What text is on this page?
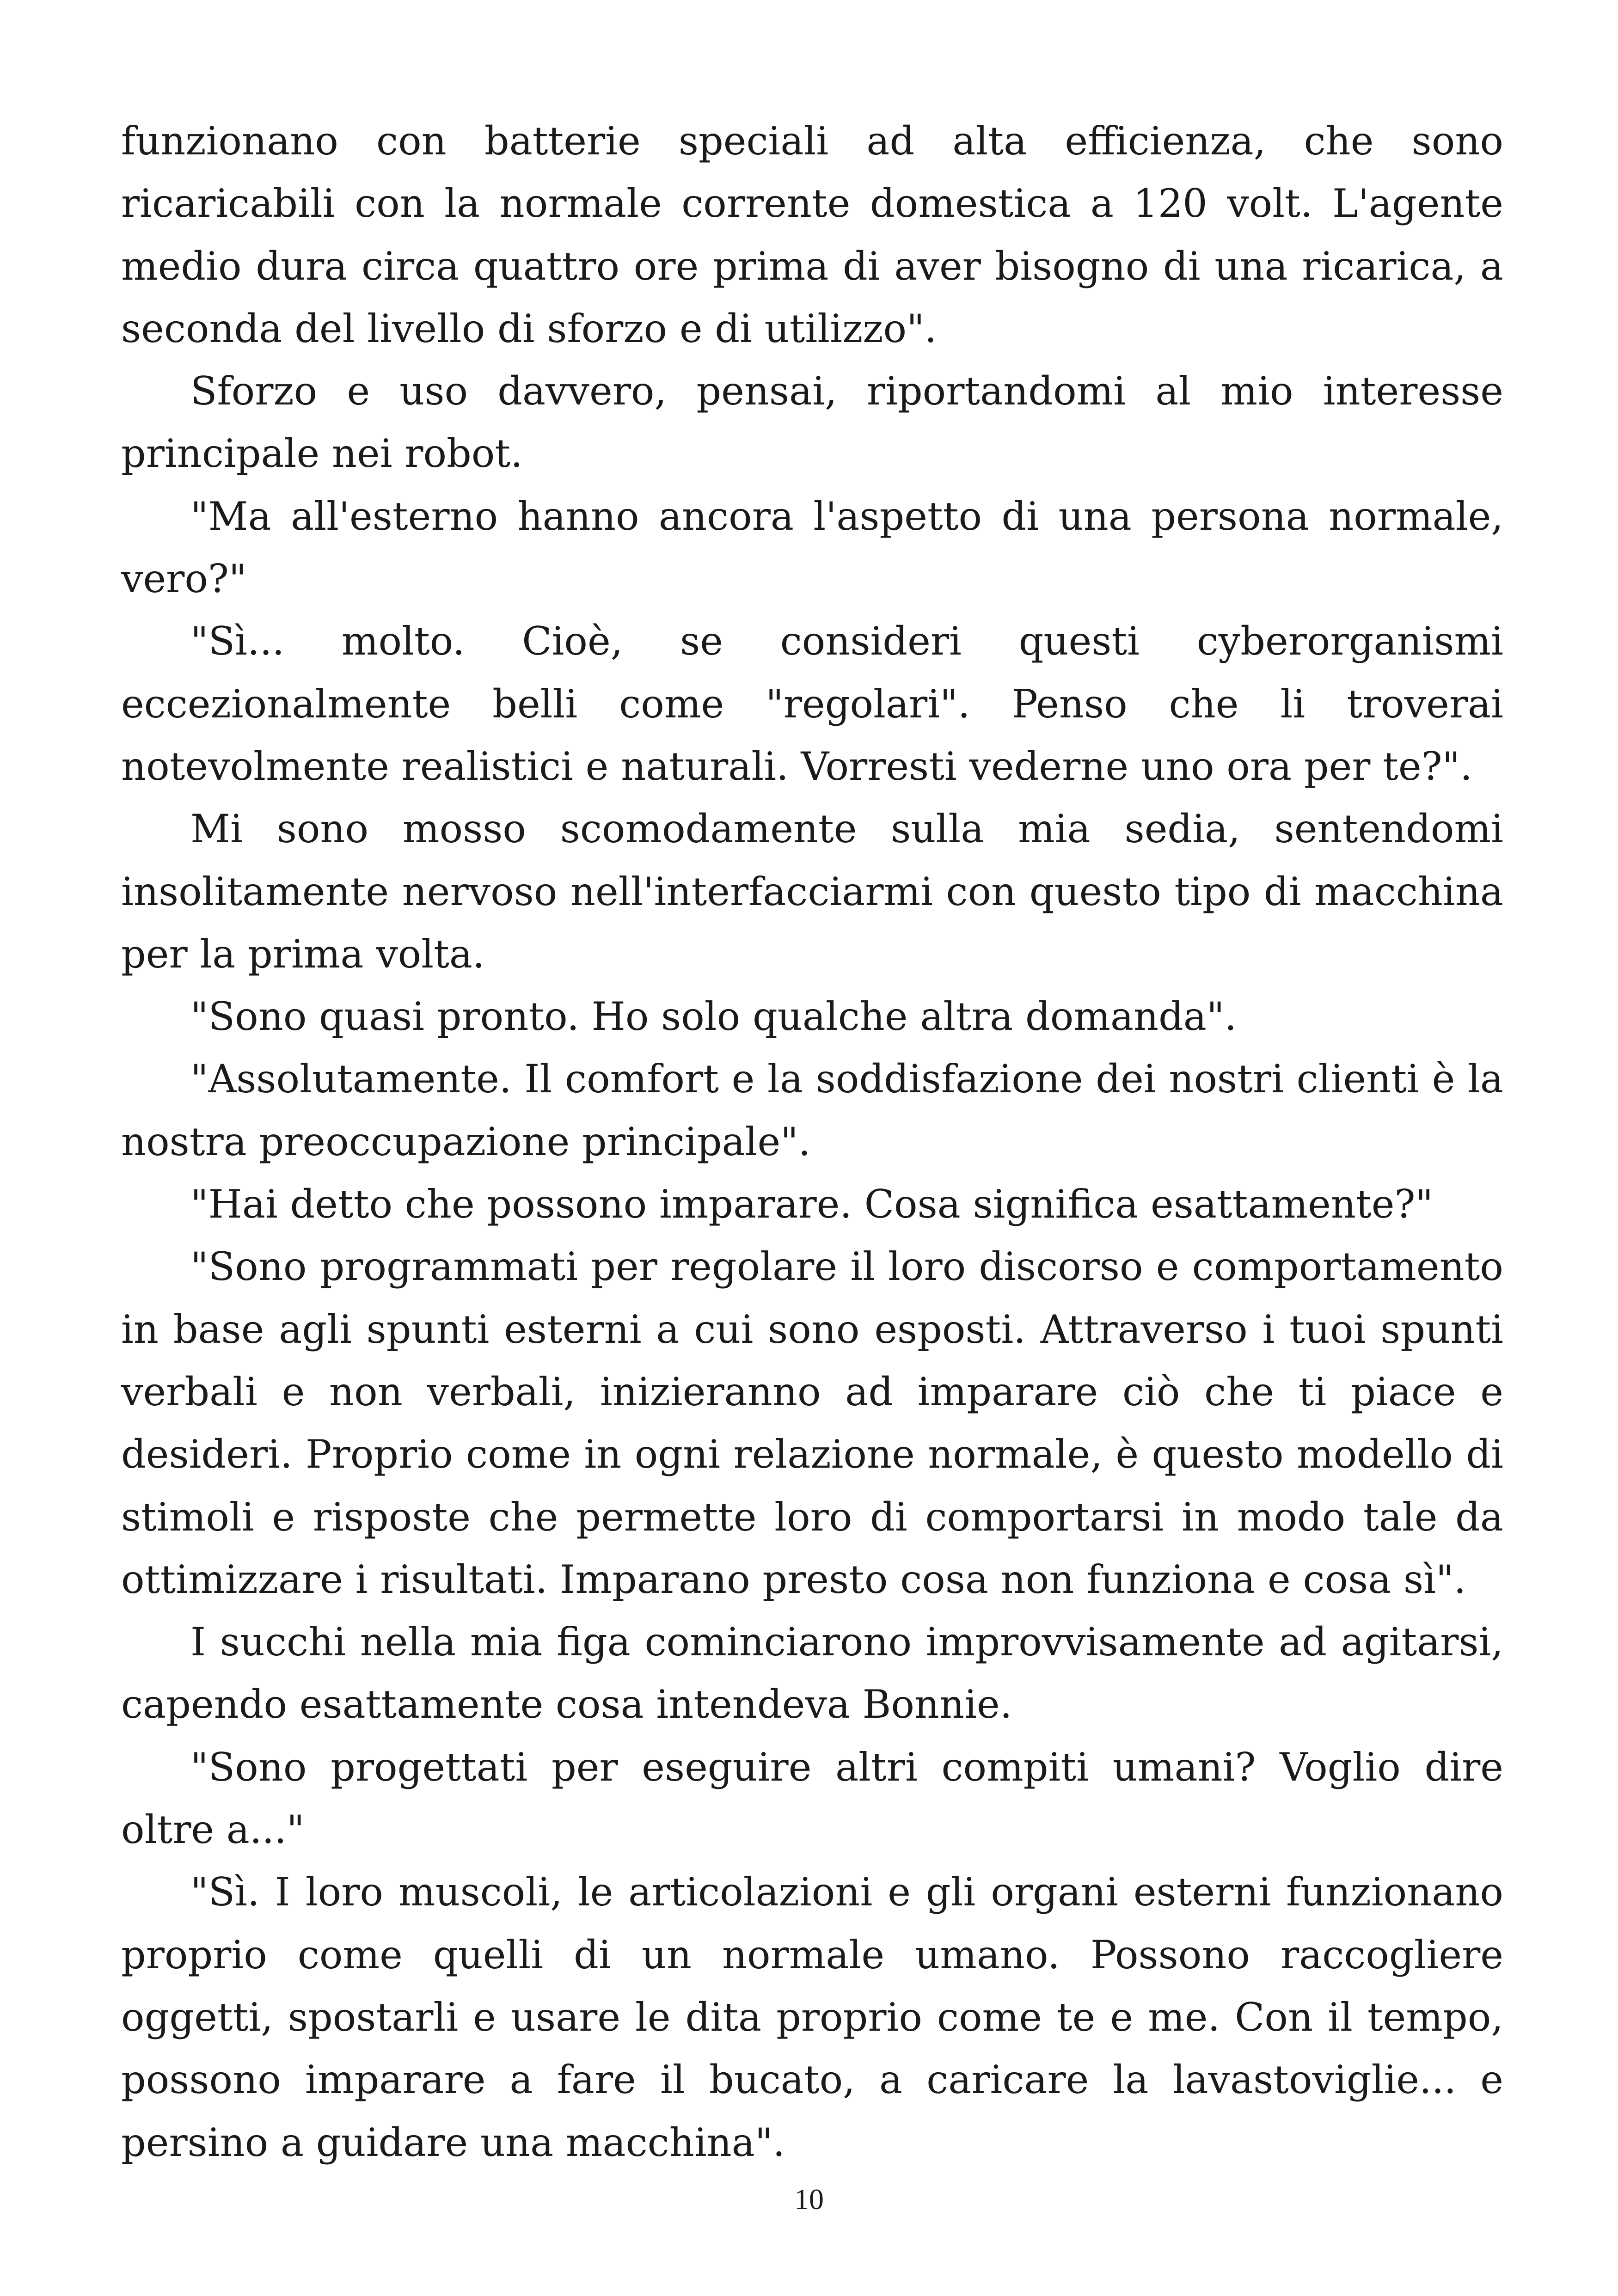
funzionano con batterie speciali ad alta efficienza, che sono ricaricabili con la normale corrente domestica a 120 volt. L'agente medio dura circa quattro ore prima di aver bisogno di una ricarica, a seconda del livello di sforzo e di utilizzo".

Sforzo e uso davvero, pensai, riportandomi al mio interesse principale nei robot.

"Ma all'esterno hanno ancora l'aspetto di una persona normale, vero?"

"Sì... molto. Cioè, se consideri questi cyberorganismi eccezionalmente belli come "regolari". Penso che li troverai notevolmente realistici e naturali. Vorresti vederne uno ora per te?".

Mi sono mosso scomodamente sulla mia sedia, sentendomi insolitamente nervoso nell'interfacciarmi con questo tipo di macchina per la prima volta.

"Sono quasi pronto. Ho solo qualche altra domanda".

"Assolutamente. Il comfort e la soddisfazione dei nostri clienti è la nostra preoccupazione principale".

"Hai detto che possono imparare. Cosa significa esattamente?"

"Sono programmati per regolare il loro discorso e comportamento in base agli spunti esterni a cui sono esposti. Attraverso i tuoi spunti verbali e non verbali, inizieranno ad imparare ciò che ti piace e desideri. Proprio come in ogni relazione normale, è questo modello di stimoli e risposte che permette loro di comportarsi in modo tale da ottimizzare i risultati. Imparano presto cosa non funziona e cosa sì".

I succhi nella mia figa cominciarono improvvisamente ad agitarsi, capendo esattamente cosa intendeva Bonnie.

"Sono progettati per eseguire altri compiti umani? Voglio dire oltre a..."

"Sì. I loro muscoli, le articolazioni e gli organi esterni funzionano proprio come quelli di un normale umano. Possono raccogliere oggetti, spostarli e usare le dita proprio come te e me. Con il tempo, possono imparare a fare il bucato, a caricare la lavastoviglie... e persino a guidare una macchina".

10
